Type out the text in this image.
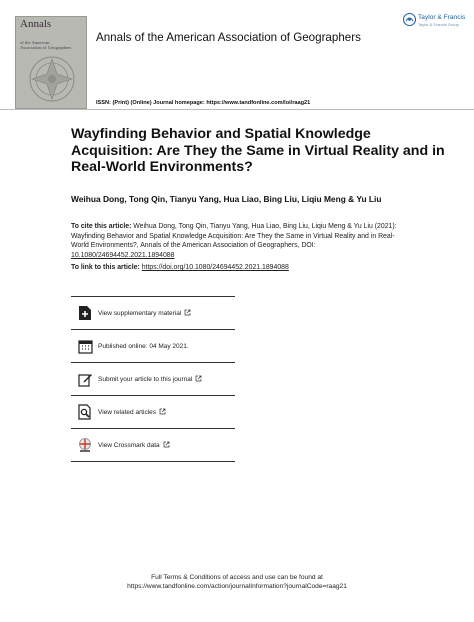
Annals
of the American
Association of Geographers
Annals of the American Association of Geographers
Taylor & Francis
Taylor & Francis Group
ISSN: (Print) (Online) Journal homepage: https://www.tandfonline.com/loi/raag21
Wayfinding Behavior and Spatial Knowledge Acquisition: Are They the Same in Virtual Reality and in Real-World Environments?
Weihua Dong, Tong Qin, Tianyu Yang, Hua Liao, Bing Liu, Liqiu Meng & Yu Liu
To cite this article: Weihua Dong, Tong Qin, Tianyu Yang, Hua Liao, Bing Liu, Liqiu Meng & Yu Liu (2021): Wayfinding Behavior and Spatial Knowledge Acquisition: Are They the Same in Virtual Reality and in Real-World Environments?, Annals of the American Association of Geographers, DOI: 10.1080/24694452.2021.1894088
To link to this article: https://doi.org/10.1080/24694452.2021.1894088
View supplementary material
Published online: 04 May 2021.
Submit your article to this journal
View related articles
View Crossmark data
Full Terms & Conditions of access and use can be found at
https://www.tandfonline.com/action/journalInformation?journalCode=raag21
